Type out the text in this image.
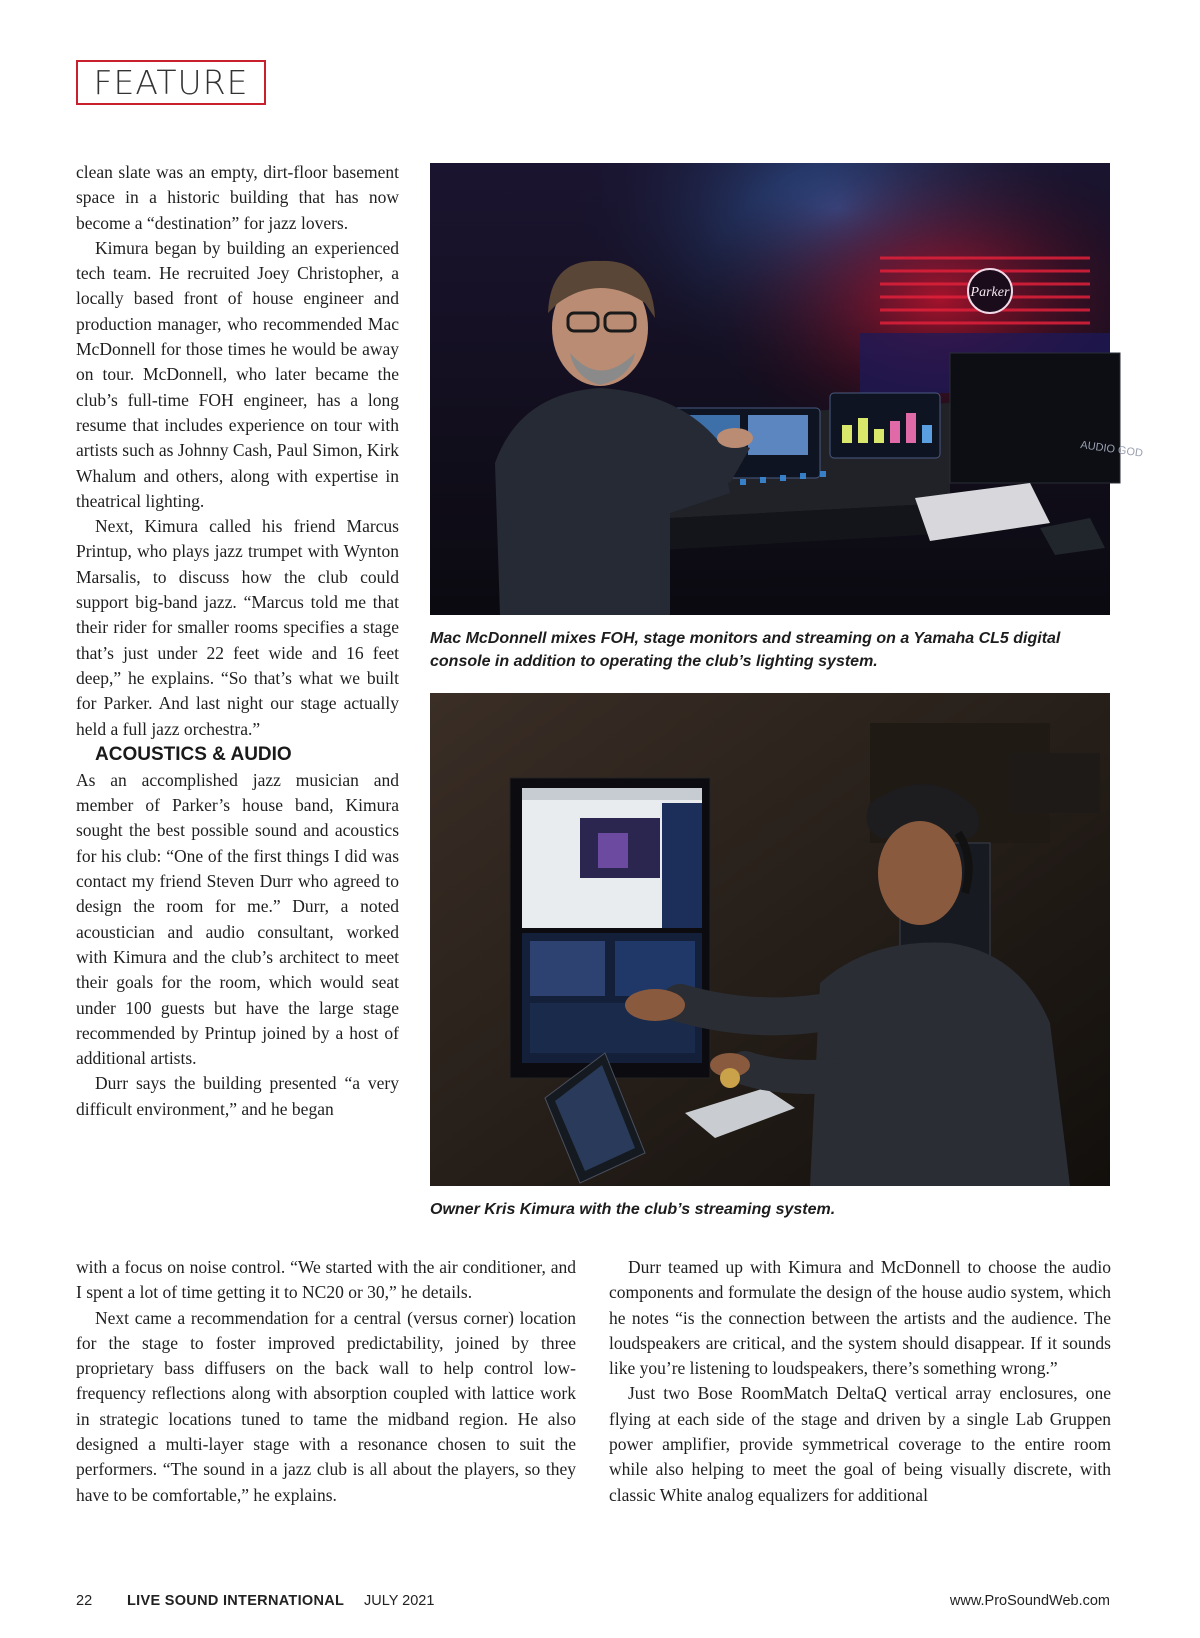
FEATURE

clean slate was an empty, dirt-floor basement space in a historic building that has now become a “destination” for jazz lovers.

Kimura began by building an experienced tech team. He recruited Joey Christopher, a locally based front of house engineer and production manager, who recommended Mac McDonnell for those times he would be away on tour. McDonnell, who later became the club’s full-time FOH engineer, has a long resume that includes experience on tour with artists such as Johnny Cash, Paul Simon, Kirk Whalum and others, along with expertise in theatrical lighting.

Next, Kimura called his friend Marcus Printup, who plays jazz trumpet with Wynton Marsalis, to discuss how the club could support big-band jazz. “Marcus told me that their rider for smaller rooms specifies a stage that’s just under 22 feet wide and 16 feet deep,” he explains. “So that’s what we built for Parker. And last night our stage actually held a full jazz orchestra.”

ACOUSTICS & AUDIO

As an accomplished jazz musician and member of Parker’s house band, Kimura sought the best possible sound and acoustics for his club: “One of the first things I did was contact my friend Steven Durr who agreed to design the room for me.” Durr, a noted acoustician and audio consultant, worked with Kimura and the club’s architect to meet their goals for the room, which would seat under 100 guests but have the large stage recommended by Printup joined by a host of additional artists.

Durr says the building presented “a very difficult environment,” and he began

Parker
AUDIO GOD
Mac McDonnell mixes FOH, stage monitors and streaming on a Yamaha CL5 digital console in addition to operating the club’s lighting system.
Owner Kris Kimura with the club’s streaming system.

with a focus on noise control. “We started with the air conditioner, and I spent a lot of time getting it to NC20 or 30,” he details.

Next came a recommendation for a central (versus corner) location for the stage to foster improved predictability, joined by three proprietary bass diffusers on the back wall to help control low-frequency reflections along with absorption coupled with lattice work in strategic locations tuned to tame the midband region. He also designed a multi-layer stage with a resonance chosen to suit the performers. “The sound in a jazz club is all about the players, so they have to be comfortable,” he explains.

Durr teamed up with Kimura and McDonnell to choose the audio components and formulate the design of the house audio system, which he notes “is the connection between the artists and the audience. The loudspeakers are critical, and the system should disappear. If it sounds like you’re listening to loudspeakers, there’s something wrong.”

Just two Bose RoomMatch DeltaQ vertical array enclosures, one flying at each side of the stage and driven by a single Lab Gruppen power amplifier, provide symmetrical coverage to the entire room while also helping to meet the goal of being visually discrete, with classic White analog equalizers for additional

22 LIVE SOUND INTERNATIONAL JULY 2021	www.ProSoundWeb.com
